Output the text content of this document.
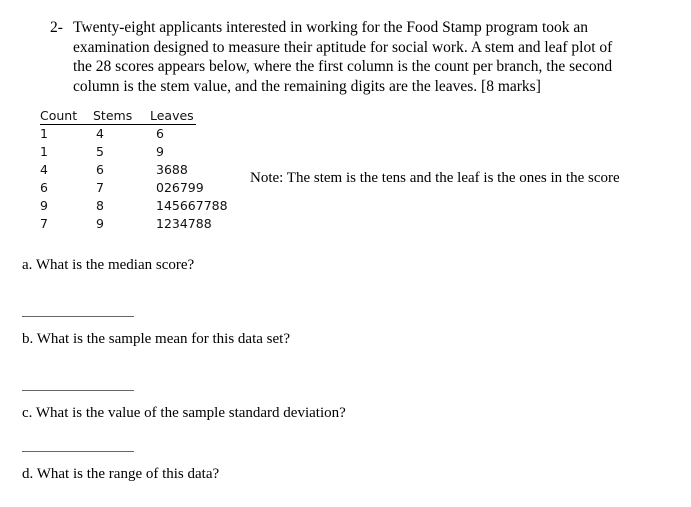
2- Twenty-eight applicants interested in working for the Food Stamp program took an
examination designed to measure their aptitude for social work. A stem and leaf plot of
the 28 scores appears below, where the first column is the count per branch, the second
column is the stem value, and the remaining digits are the leaves. [8 marks]
Count Stems Leaves
1	4	6
1	5	9
4	6	3688
6	7	026799
9	8	145667788
7	9	1234788
Note: The stem is the tens and the leaf is the ones in the score
a. What is the median score?
b. What is the sample mean for this data set?
c. What is the value of the sample standard deviation?
d. What is the range of this data?
